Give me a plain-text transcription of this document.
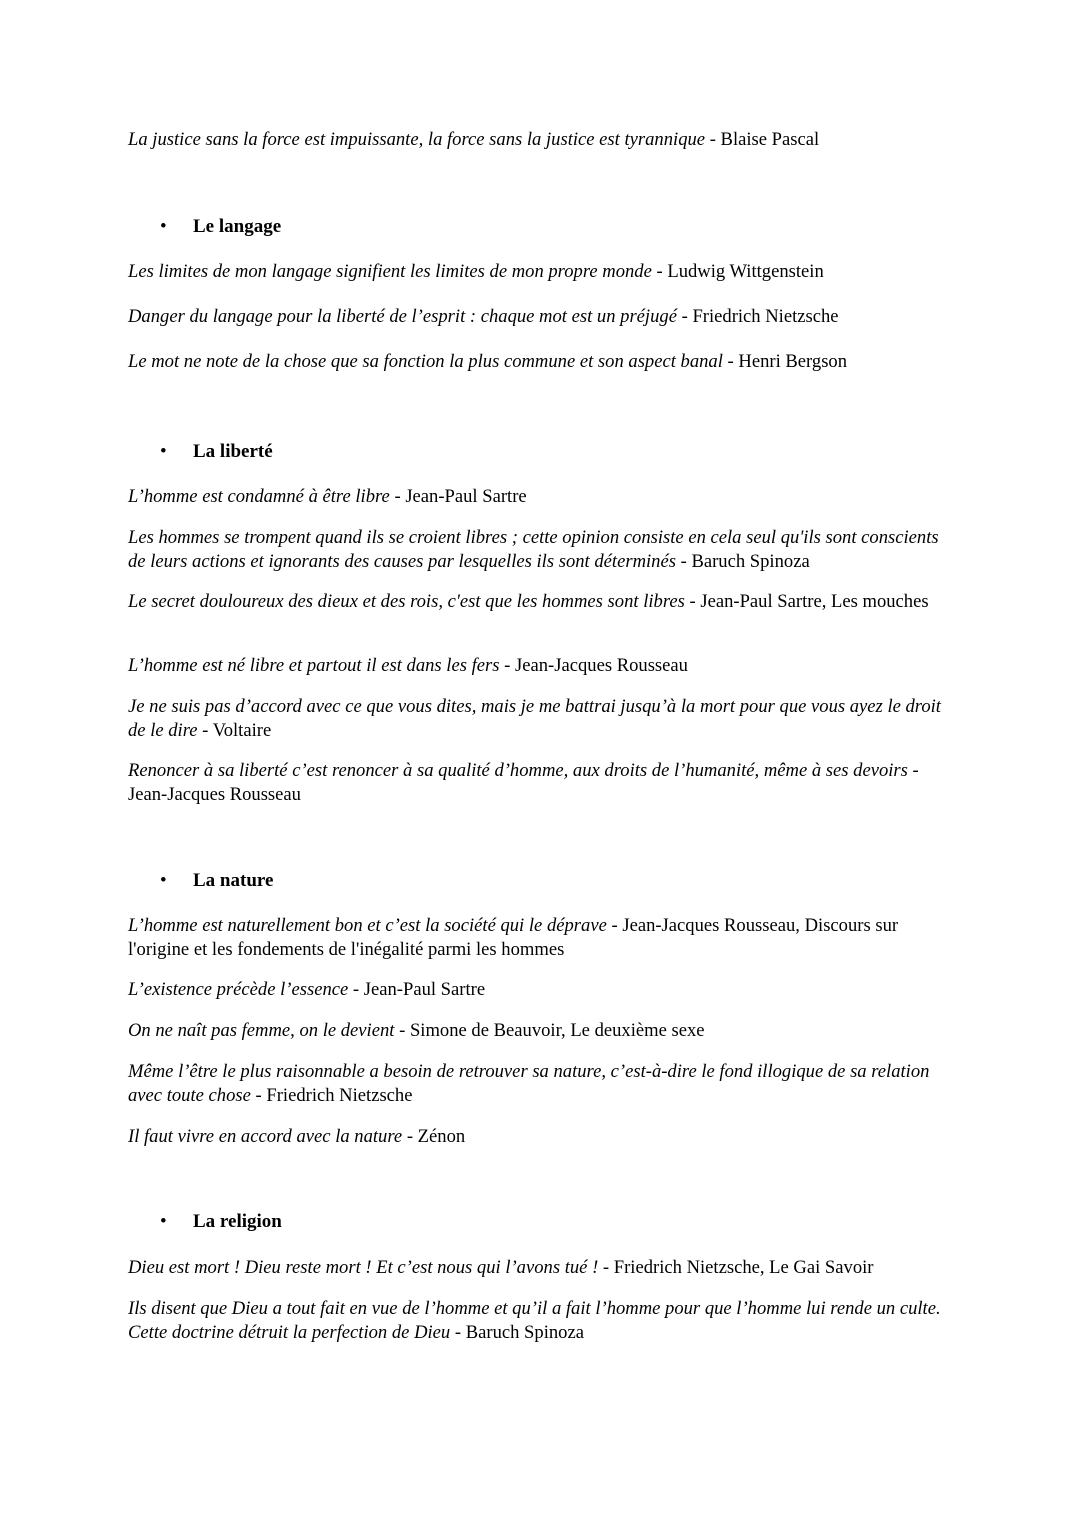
La justice sans la force est impuissante, la force sans la justice est tyrannique - Blaise Pascal

• Le langage

Les limites de mon langage signifient les limites de mon propre monde - Ludwig Wittgenstein

Danger du langage pour la liberté de l’esprit : chaque mot est un préjugé - Friedrich Nietzsche

Le mot ne note de la chose que sa fonction la plus commune et son aspect banal - Henri Bergson

• La liberté

L’homme est condamné à être libre - Jean-Paul Sartre

Les hommes se trompent quand ils se croient libres ; cette opinion consiste en cela seul qu'ils sont conscients de leurs actions et ignorants des causes par lesquelles ils sont déterminés - Baruch Spinoza

Le secret douloureux des dieux et des rois, c'est que les hommes sont libres - Jean-Paul Sartre, Les mouches

L’homme est né libre et partout il est dans les fers - Jean-Jacques Rousseau

Je ne suis pas d’accord avec ce que vous dites, mais je me battrai jusqu’à la mort pour que vous ayez le droit de le dire - Voltaire

Renoncer à sa liberté c’est renoncer à sa qualité d’homme, aux droits de l’humanité, même à ses devoirs - Jean-Jacques Rousseau

• La nature

L’homme est naturellement bon et c’est la société qui le déprave - Jean-Jacques Rousseau, Discours sur l'origine et les fondements de l'inégalité parmi les hommes

L’existence précède l’essence - Jean-Paul Sartre

On ne naît pas femme, on le devient - Simone de Beauvoir, Le deuxième sexe

Même l’être le plus raisonnable a besoin de retrouver sa nature, c’est-à-dire le fond illogique de sa relation avec toute chose - Friedrich Nietzsche

Il faut vivre en accord avec la nature - Zénon

• La religion

Dieu est mort ! Dieu reste mort ! Et c’est nous qui l’avons tué ! - Friedrich Nietzsche, Le Gai Savoir

Ils disent que Dieu a tout fait en vue de l’homme et qu’il a fait l’homme pour que l’homme lui rende un culte. Cette doctrine détruit la perfection de Dieu - Baruch Spinoza
